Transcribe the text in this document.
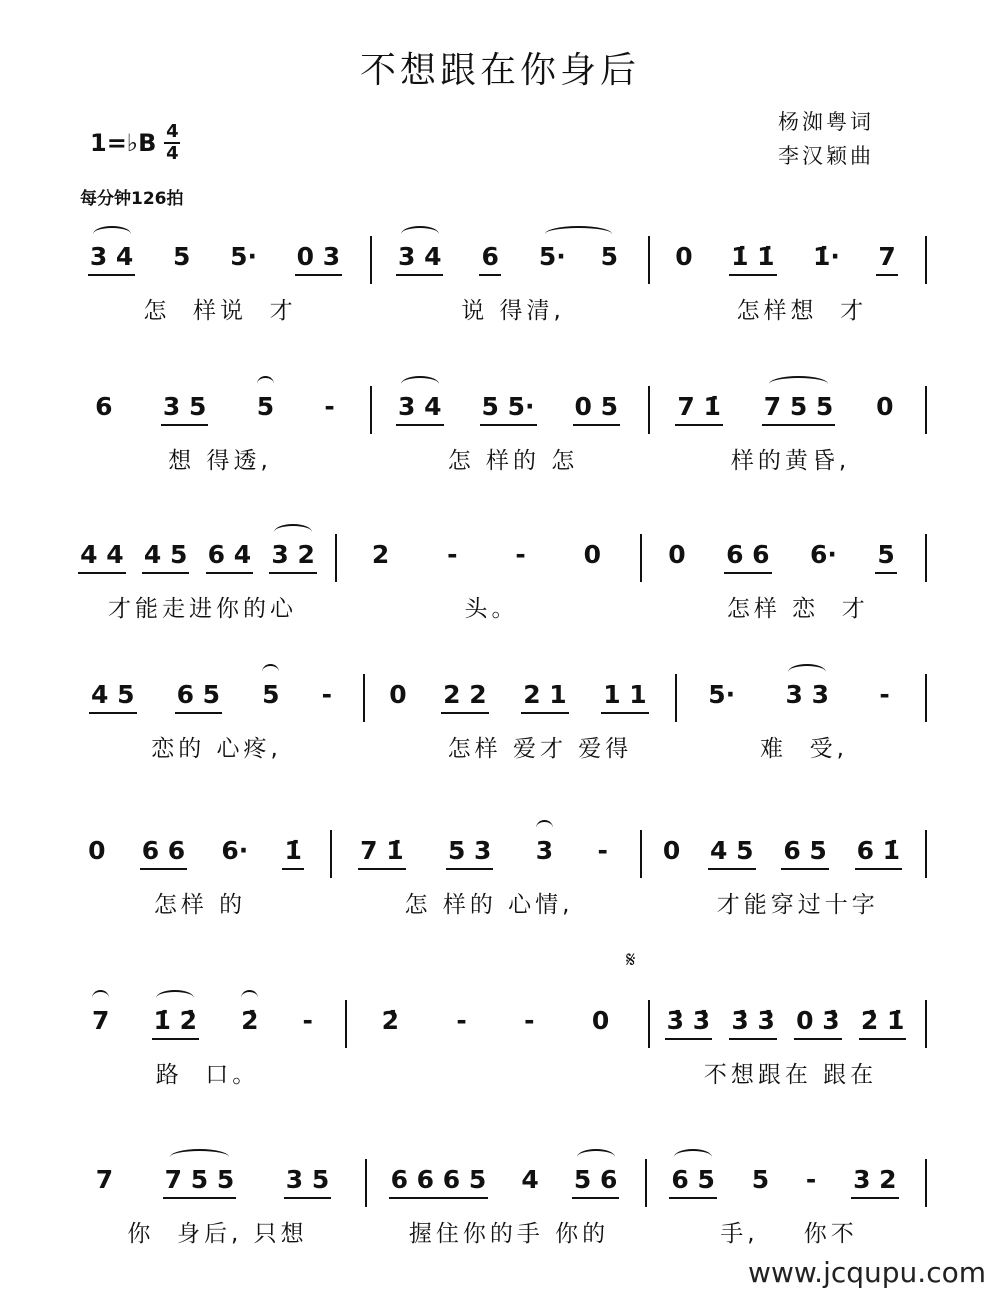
不想跟在你身后
1=♭B $\frac{4}{4}$	杨洳粤词
李汉颖曲
每分钟126拍
𝄋
3 4 5 5· 0 3
怎  样说  才
3 4 6 5·    5
说 得清,
0 1̇ 1̇ 1̇· 7
怎样想  才
6 3 5 5 -
想 得透,
3 4 5 5· 0 5
怎 样的 怎
7 1̇ 7 5 5 0
样的黄昏,
4 4 4 5 6 4 3 2
才能走进你的心
2 - - 0
头。
0 6 6 6· 5
怎样 恋  才
4 5 6 5 5 -
恋的 心疼,
0 2 2 2 1 1 1
怎样 爱才 爱得
5· 3 3 -
难  受,
0 6 6 6· 1̇
怎样 的
7 1̇ 5 3 3 -
怎 样的 心情,
0 4 5 6 5 6 1̇
才能穿过十字
7 1̇ 2̇ 2̇ -
路  口。
2̇ - - 0 3̇ 3̇ 3̇ 3̇ 0 3̇ 2̇ 1̇
不想跟在 跟在
7 7 5 5 3 5
你  身后, 只想
6 6 6 5 4 5 6
握住你的手 你的
6 5 5 - 3 2
手,    你不
www.jcqupu.com
